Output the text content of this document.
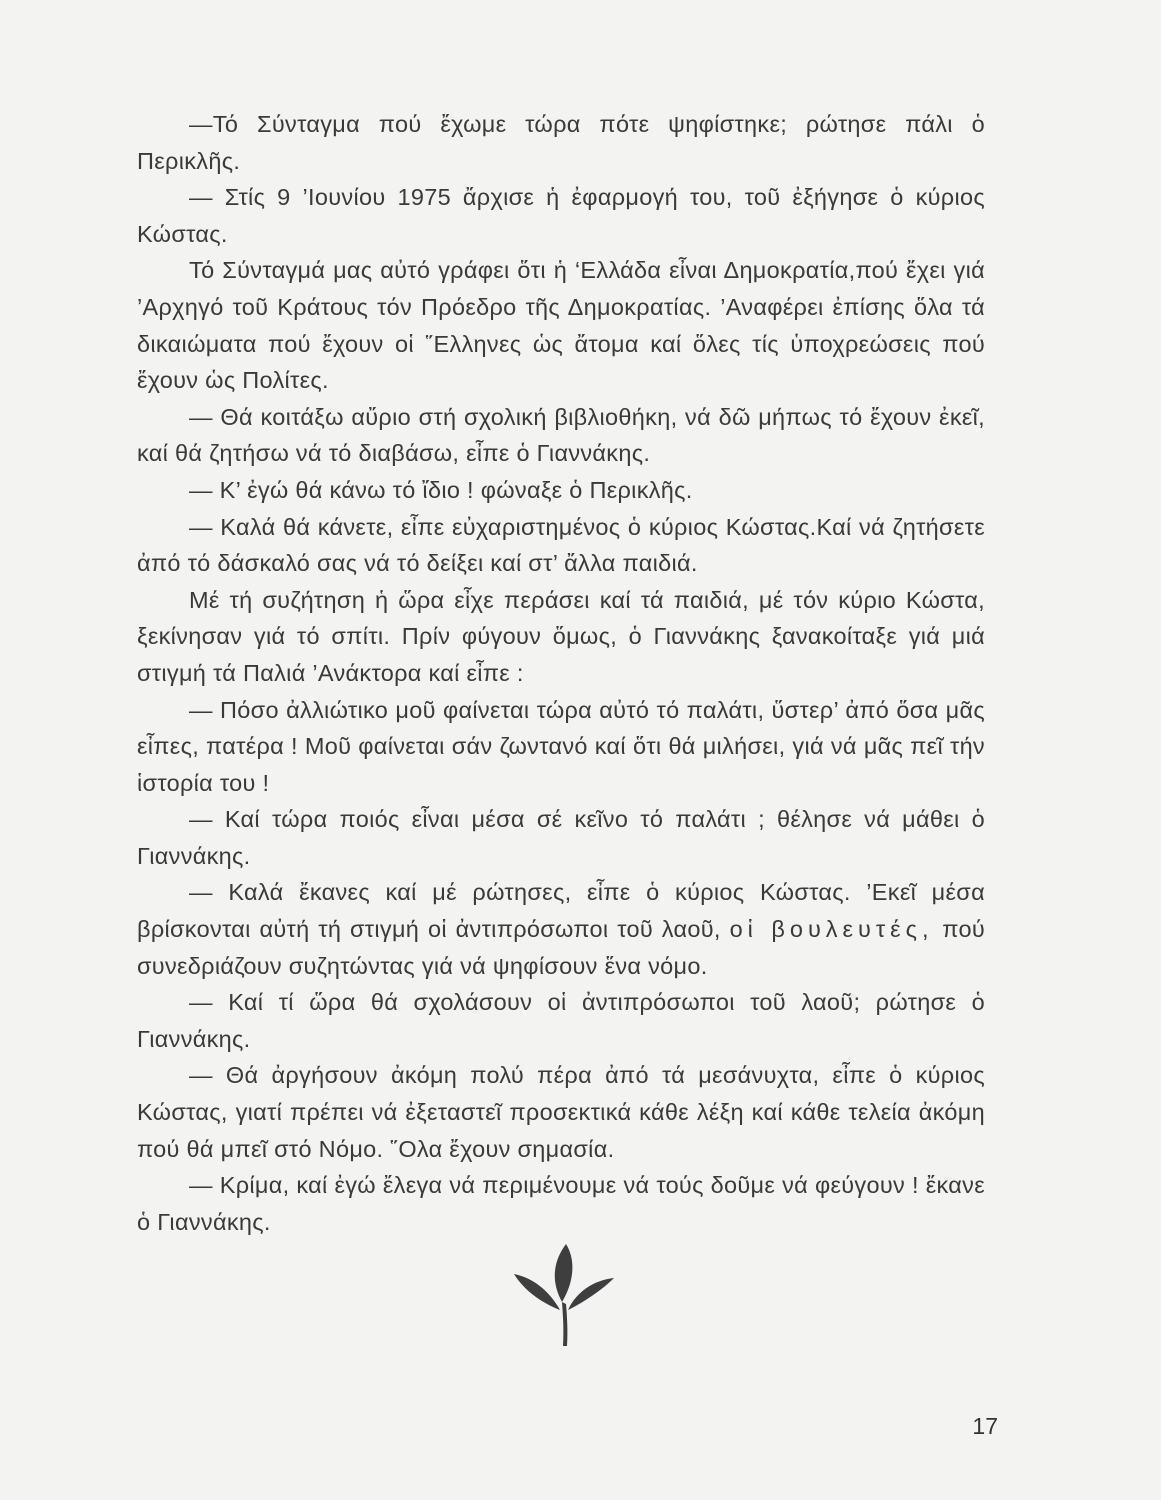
—Τό Σύνταγμα πού ἔχωμε τώρα πότε ψηφίστηκε; ρώτησε πάλι ὁ Περικλῆς.

— Στίς 9 ’Ιουνίου 1975 ἄρχισε ἡ ἐφαρμογή του, τοῦ ἐξήγησε ὁ κύριος Κώστας.

Τό Σύνταγμά μας αὐτό γράφει ὅτι ἡ ‘Ελλάδα εἶναι Δημοκρατία,πού ἔχει γιά ’Αρχηγό τοῦ Κράτους τόν Πρόεδρο τῆς Δημοκρατίας. ’Αναφέρει ἐπίσης ὅλα τά δικαιώματα πού ἔχουν οἱ ῞Ελληνες ὡς ἄτομα καί ὅλες τίς ὑποχρεώσεις πού ἔχουν ὡς Πολίτες.

— Θά κοιτάξω αὔριο στή σχολική βιβλιοθήκη, νά δῶ μήπως τό ἔχουν ἐκεῖ, καί θά ζητήσω νά τό διαβάσω, εἶπε ὁ Γιαννάκης.

— Κ’ ἐγώ θά κάνω τό ἴδιο ! φώναξε ὁ Περικλῆς.

— Καλά θά κάνετε, εἶπε εὐχαριστημένος ὁ κύριος Κώστας.Καί νά ζητήσετε ἀπό τό δάσκαλό σας νά τό δείξει καί στ’ ἄλλα παιδιά.

Μέ τή συζήτηση ἡ ὥρα εἶχε περάσει καί τά παιδιά, μέ τόν κύριο Κώστα, ξεκίνησαν γιά τό σπίτι. Πρίν φύγουν ὅμως, ὁ Γιαννάκης ξανακοίταξε γιά μιά στιγμή τά Παλιά ’Ανάκτορα καί εἶπε :

— Πόσο ἀλλιώτικο μοῦ φαίνεται τώρα αὐτό τό παλάτι, ὕστερ’ ἀπό ὅσα μᾶς εἶπες, πατέρα ! Μοῦ φαίνεται σάν ζωντανό καί ὅτι θά μιλήσει, γιά νά μᾶς πεῖ τήν ἱστορία του !

— Καί τώρα ποιός εἶναι μέσα σέ κεῖνο τό παλάτι ; θέλησε νά μάθει ὁ Γιαννάκης.

— Καλά ἔκανες καί μέ ρώτησες, εἶπε ὁ κύριος Κώστας. ’Εκεῖ μέσα βρίσκονται αὐτή τή στιγμή οἱ ἀντιπρόσωποι τοῦ λαοῦ, οἱ βουλευτές, πού συνεδριάζουν συζητώντας γιά νά ψηφίσουν ἕνα νόμο.

— Καί τί ὥρα θά σχολάσουν οἱ ἀντιπρόσωποι τοῦ λαοῦ; ρώτησε ὁ Γιαννάκης.

— Θά ἀργήσουν ἀκόμη πολύ πέρα ἀπό τά μεσάνυχτα, εἶπε ὁ κύριος Κώστας, γιατί πρέπει νά ἐξεταστεῖ προσεκτικά κάθε λέξη καί κάθε τελεία ἀκόμη πού θά μπεῖ στό Νόμο. ῞Ολα ἔχουν σημασία.

— Κρίμα, καί ἐγώ ἔλεγα νά περιμένουμε νά τούς δοῦμε νά φεύγουν ! ἔκανε ὁ Γιαννάκης.

17
